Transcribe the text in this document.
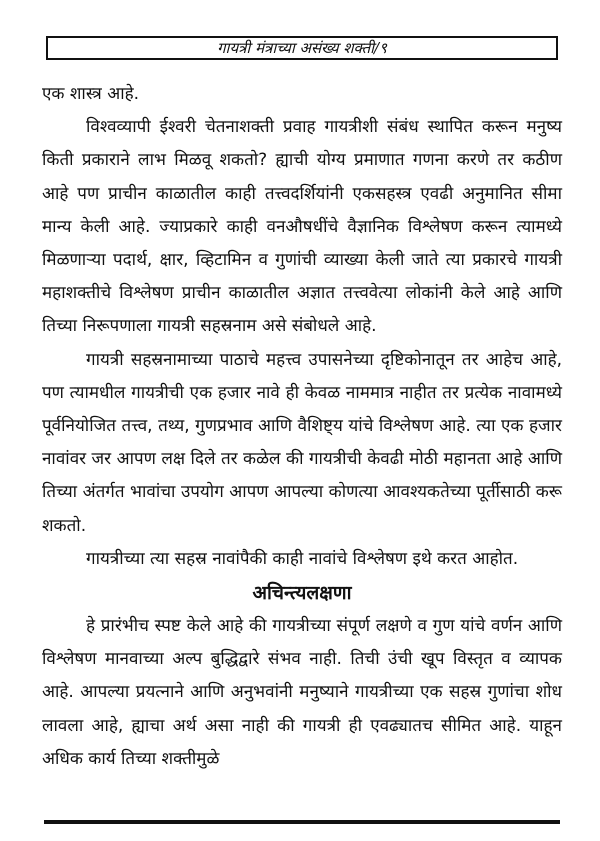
गायत्री मंत्राच्या असंख्य शक्ती/९

एक शास्त्र आहे.

विश्वव्यापी ईश्वरी चेतनाशक्ती प्रवाह गायत्रीशी संबंध स्थापित करून मनुष्य किती प्रकाराने लाभ मिळवू शकतो? ह्याची योग्य प्रमाणात गणना करणे तर कठीण आहे पण प्राचीन काळातील काही तत्त्वदर्शियांनी एकसहस्त्र एवढी अनुमानित सीमा मान्य केली आहे. ज्याप्रकारे काही वनऔषधींचे वैज्ञानिक विश्लेषण करून त्यामध्ये मिळणाऱ्या पदार्थ, क्षार, व्हिटामिन व गुणांची व्याख्या केली जाते त्या प्रकारचे गायत्री महाशक्तीचे विश्लेषण प्राचीन काळातील अज्ञात तत्त्ववेत्या लोकांनी केले आहे आणि तिच्या निरूपणाला गायत्री सहस्रनाम असे संबोधले आहे.

गायत्री सहस्रनामाच्या पाठाचे महत्त्व उपासनेच्या दृष्टिकोनातून तर आहेच आहे, पण त्यामधील गायत्रीची एक हजार नावे ही केवळ नाममात्र नाहीत तर प्रत्येक नावामध्ये पूर्वनियोजित तत्त्व, तथ्य, गुणप्रभाव आणि वैशिष्ट्य यांचे विश्लेषण आहे. त्या एक हजार नावांवर जर आपण लक्ष दिले तर कळेल की गायत्रीची केवढी मोठी महानता आहे आणि तिच्या अंतर्गत भावांचा उपयोग आपण आपल्या कोणत्या आवश्यकतेच्या पूर्तीसाठी करू शकतो.

गायत्रीच्या त्या सहस्र नावांपैकी काही नावांचे विश्लेषण इथे करत आहोत.

अचिन्त्यलक्षणा

हे प्रारंभीच स्पष्ट केले आहे की गायत्रीच्या संपूर्ण लक्षणे व गुण यांचे वर्णन आणि विश्लेषण मानवाच्या अल्प बुद्धिद्वारे संभव नाही. तिची उंची खूप विस्तृत व व्यापक आहे. आपल्या प्रयत्नाने आणि अनुभवांनी मनुष्याने गायत्रीच्या एक सहस्र गुणांचा शोध लावला आहे, ह्याचा अर्थ असा नाही की गायत्री ही एवढ्यातच सीमित आहे. याहून अधिक कार्य तिच्या शक्तीमुळे
